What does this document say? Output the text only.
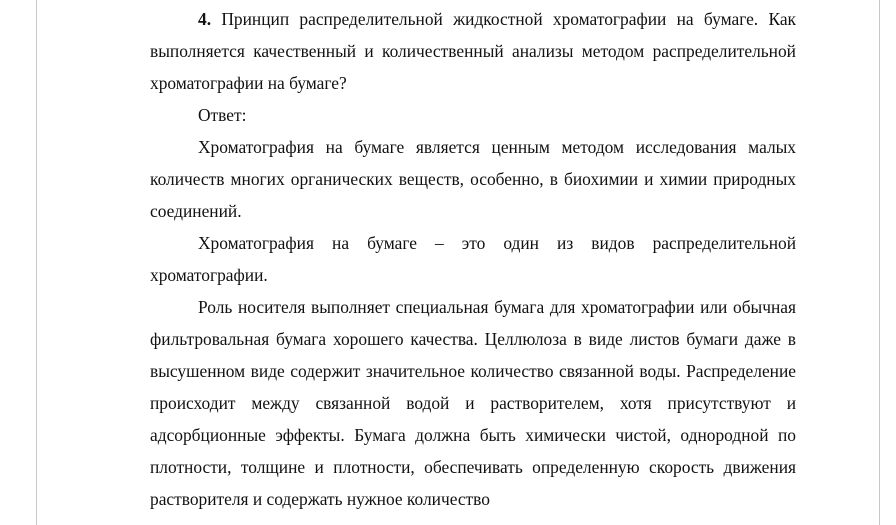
4. Принцип распределительной жидкостной хроматографии на бумаге. Как выполняется качественный и количественный анализы методом распределительной хроматографии на бумаге?

Ответ:

Хроматография на бумаге является ценным методом исследования малых количеств многих органических веществ, особенно, в биохимии и химии природных соединений.

Хроматография на бумаге – это один из видов распределительной хроматографии.

Роль носителя выполняет специальная бумага для хроматографии или обычная фильтровальная бумага хорошего качества. Целлюлоза в виде листов бумаги даже в высушенном виде содержит значительное количество связанной воды. Распределение происходит между связанной водой и растворителем, хотя присутствуют и адсорбционные эффекты. Бумага должна быть химически чистой, однородной по плотности, толщине и плотности, обеспечивать определенную скорость движения растворителя и содержать нужное количество
